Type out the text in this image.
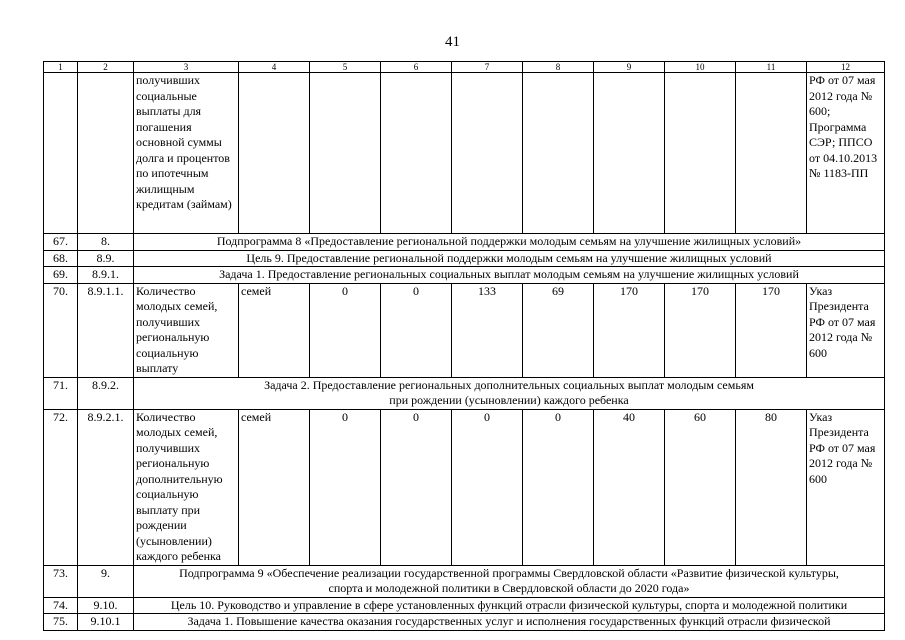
41
1	2	3	4	5	6	7	8	9	10	11	12
		получивших социальные выплаты для погашения основной суммы долга и процентов по ипотечным жилищным кредитам (займам)									РФ от 07 мая 2012 года № 600; Программа СЭР; ППСО от 04.10.2013 № 1183-ПП
67.	8.	Подпрограмма 8 «Предоставление региональной поддержки молодым семьям на улучшение жилищных условий»									
68.	8.9.	Цель 9. Предоставление региональной поддержки молодым семьям на улучшение жилищных условий									
69.	8.9.1.	Задача 1. Предоставление региональных социальных выплат молодым семьям на улучшение жилищных условий									
70.	8.9.1.1.	Количество молодых семей, получивших региональную социальную выплату	семей	0	0	133	69	170	170	170	Указ Президента РФ от 07 мая 2012 года № 600
71.	8.9.2.	Задача 2. Предоставление региональных дополнительных социальных выплат молодым семьям
при рождении (усыновлении) каждого ребенка									

72.	8.9.2.1.	Количество молодых семей, получивших региональную дополнительную социальную выплату при рождении (усыновлении) каждого ребенка	семей	0	0	0	0	40	60	80	Указ Президента РФ от 07 мая 2012 года № 600
73.	9.	Подпрограмма 9 «Обеспечение реализации государственной программы Свердловской области «Развитие физической культуры,
спорта и молодежной политики в Свердловской области до 2020 года»									

74.	9.10.	Цель 10. Руководство и управление в сфере установленных функций отрасли физической культуры, спорта и молодежной политики									
75.	9.10.1	Задача 1. Повышение качества оказания государственных услуг и исполнения государственных функций отрасли физической									
